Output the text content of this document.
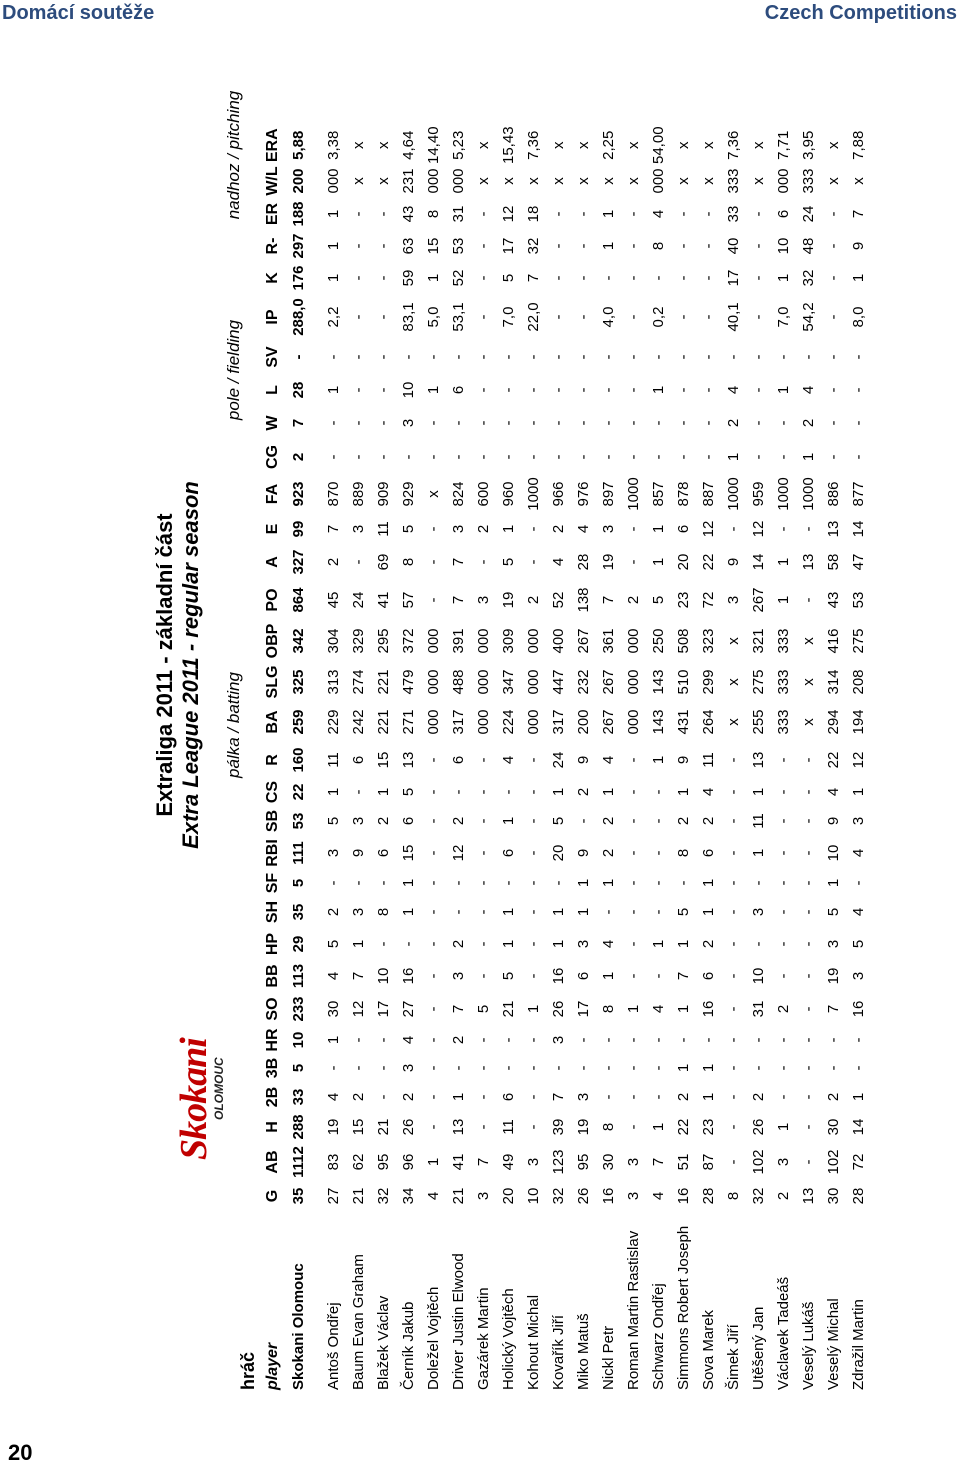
Domácí soutěže	Czech Competitions
20
Extraliga 2011 - základní část Extra League 2011 - regular season
Skokani
OLOMOUC
hráč
pálka / batting
pole / fielding
nadhoz / pitching
player	G	AB	H	2B	3B	HR	SO	BB	HP	SH	SF	RBI	SB	CS	R	BA	SLG	OBP	PO	A	E	FA	CG	W	L	SV	IP	K	R-	ER	W/L	ERA
Skokani Olomouc	35	1112	288	33	5	10	233	113	29	35	5	111	53	22	160	259	325	342	864	327	99	923	2	7	28	-	288,0	176	297	188	200	5,88

Antoš Ondřej	27	83	19	4	-	1	30	4	5	2	-	3	5	1	11	229	313	304	45	2	7	870	-	-	1	-	2,2	1	1	1	000	3,38
Baum Evan Graham	21	62	15	2	-	-	12	7	1	3	-	9	3	-	6	242	274	329	24	-	3	889	-	-	-	-	-	-	-	-	x	x
Blažek Václav	32	95	21	-	-	-	17	10	-	8	-	6	2	1	15	221	221	295	41	69	11	909	-	-	-	-	-	-	-	-	x	x
Černík Jakub	34	96	26	2	3	4	27	16	-	1	1	15	6	5	13	271	479	372	57	8	5	929	-	3	10	-	83,1	59	63	43	231	4,64
Doležel Vojtěch	4	1	-	-	-	-	-	-	-	-	-	-	-	-	-	000	000	000	-	-	-	x	-	-	1	-	5,0	1	15	8	000	14,40
Driver Justin Elwood	21	41	13	1	-	2	7	3	2	-	-	12	2	-	6	317	488	391	7	7	3	824	-	-	6	-	53,1	52	53	31	000	5,23
Gazárek Martin	3	7	-	-	-	-	5	-	-	-	-	-	-	-	-	000	000	000	3	-	2	600	-	-	-	-	-	-	-	-	x	x
Holický Vojtěch	20	49	11	6	-	-	21	5	1	1	-	6	1	-	4	224	347	309	19	5	1	960	-	-	-	-	7,0	5	17	12	x	15,43
Kohout Michal	10	3	-	-	-	-	1	-	-	-	-	-	-	-	-	000	000	000	2	-	-	1000	-	-	-	-	22,0	7	32	18	x	7,36
Kovařík Jiří	32	123	39	7	-	3	26	16	1	1	-	20	5	1	24	317	447	400	52	4	2	966	-	-	-	-	-	-	-	-	x	x
Miko Matuš	26	95	19	3	-	-	17	6	3	1	1	9	-	2	9	200	232	267	138	28	4	976	-	-	-	-	-	-	-	-	x	x
Nickl Petr	16	30	8	-	-	-	8	1	4	-	1	2	2	1	4	267	267	361	7	19	3	897	-	-	-	-	4,0	-	1	1	x	2,25
Roman Martin Rastislav	3	3	-	-	-	-	1	-	-	-	-	-	-	-	-	000	000	000	2	-	-	1000	-	-	-	-	-	-	-	-	x	x
Schwarz Ondřej	4	7	1	-	-	-	4	-	1	-	-	-	-	-	1	143	143	250	5	1	1	857	-	-	1	-	0,2	-	8	4	000	54,00
Simmons Robert Joseph	16	51	22	2	1	-	1	7	1	5	-	8	2	1	9	431	510	508	23	20	6	878	-	-	-	-	-	-	-	-	x	x
Sova Marek	28	87	23	1	1	-	16	6	2	1	1	6	2	4	11	264	299	323	72	22	12	887	-	-	-	-	-	-	-	-	x	x
Šimek Jiří	8	-	-	-	-	-	-	-	-	-	-	-	-	-	-	x	x	x	3	9	-	1000	1	2	4	-	40,1	17	40	33	333	7,36
Utěšený Jan	32	102	26	2	-	-	31	10	-	3	-	1	11	1	13	255	275	321	267	14	12	959	-	-	-	-	-	-	-	-	x	x
Václavek Tadeáš	2	3	1	-	-	-	2	-	-	-	-	-	-	-	-	333	333	333	1	1	-	1000	-	-	1	-	7,0	1	10	6	000	7,71
Veselý Lukáš	13	-	-	-	-	-	-	-	-	-	-	-	-	-	-	x	x	x	-	13	-	1000	1	2	4	-	54,2	32	48	24	333	3,95
Veselý Michal	30	102	30	2	-	-	7	19	3	5	1	10	9	4	22	294	314	416	43	58	13	886	-	-	-	-	-	-	-	-	x	x
Zdražil Martin	28	72	14	1	-	-	16	3	5	4	-	4	3	1	12	194	208	275	53	47	14	877	-	-	-	-	8,0	1	9	7	x	7,88
